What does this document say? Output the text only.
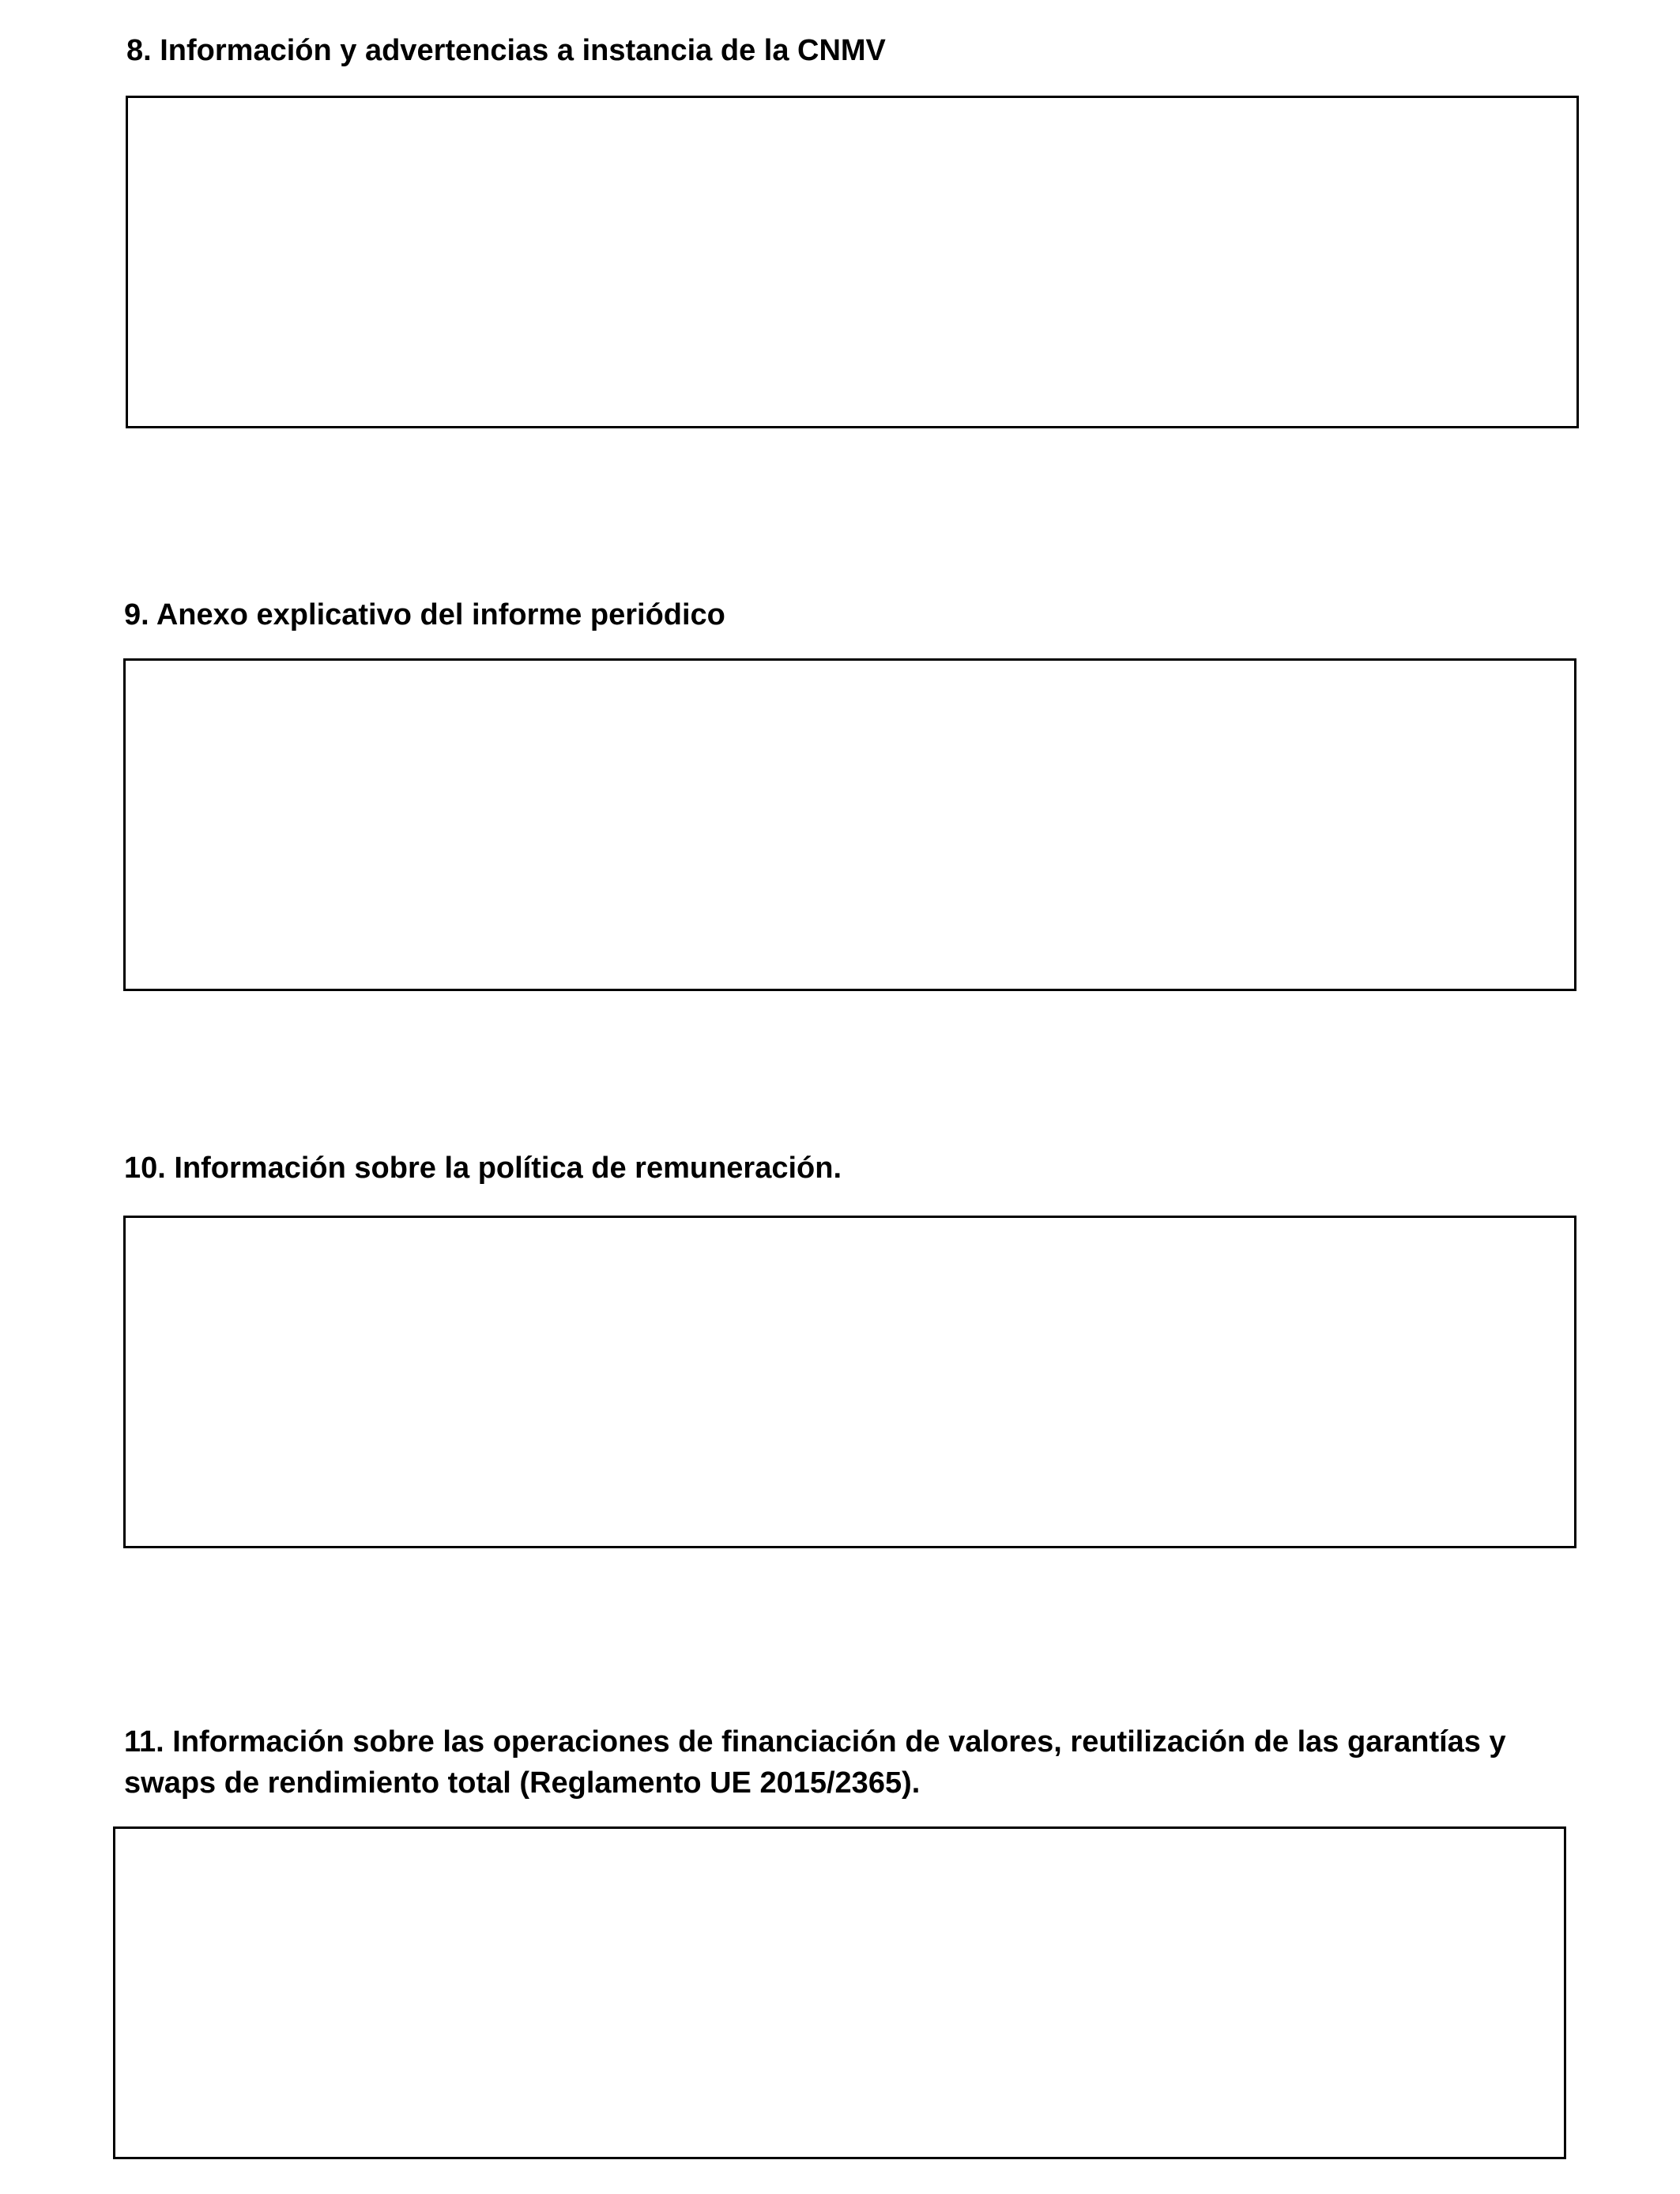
8. Información y advertencias a instancia de la CNMV
9. Anexo explicativo del informe periódico
10. Información sobre la política de remuneración.
11. Información sobre las operaciones de financiación de valores, reutilización de las garantías y swaps de rendimiento total (Reglamento UE 2015/2365).
